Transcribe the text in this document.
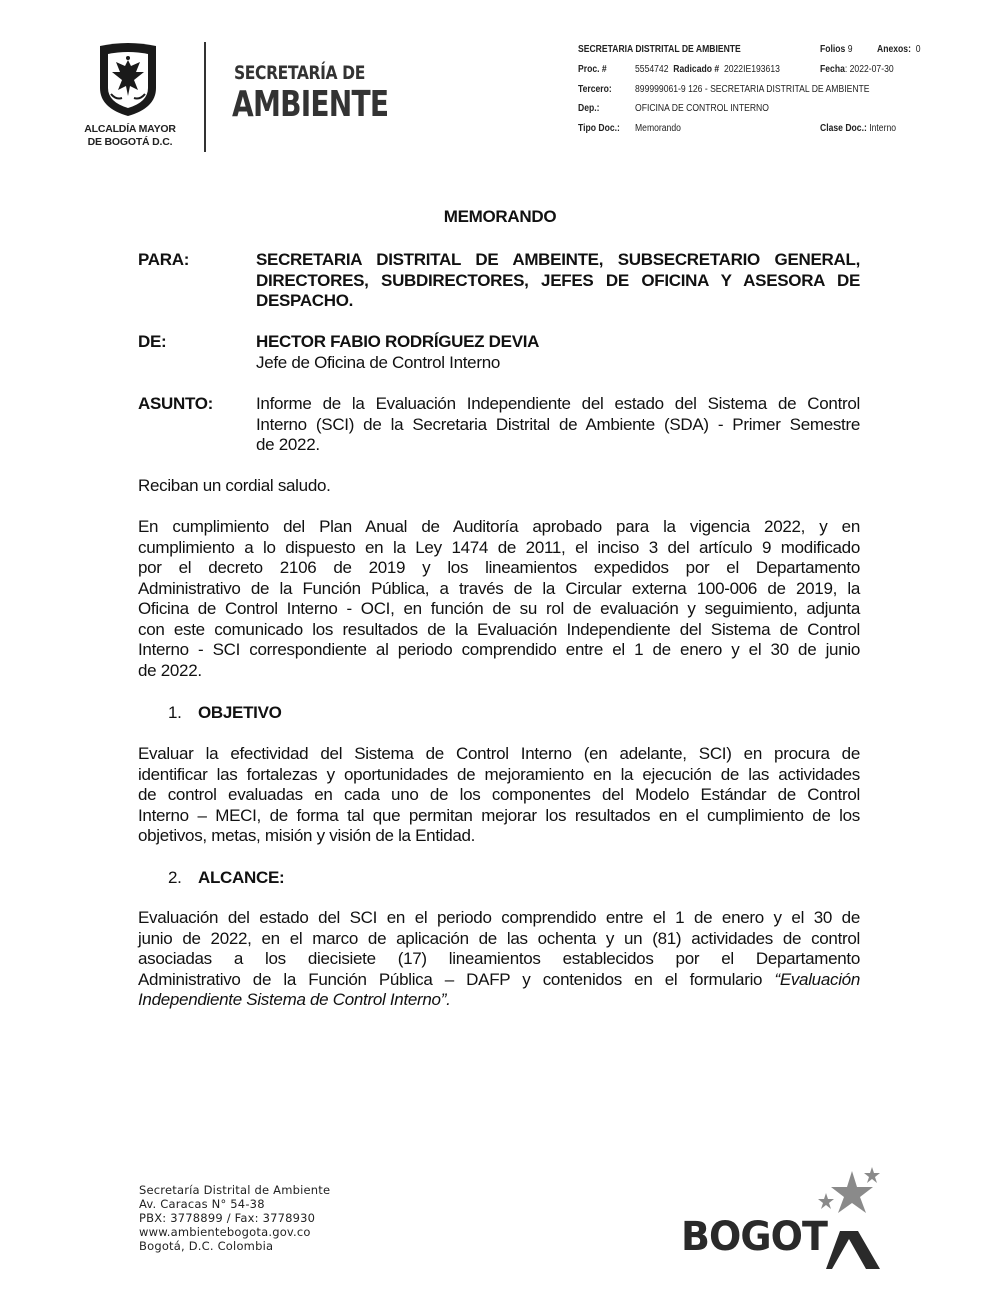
ALCALDÍA MAYOR
DE BOGOTÁ D.C.
SECRETARÍA DE
AMBIENTE
SECRETARIA DISTRITAL DE AMBIENTE	Folios 9 Anexos: 0
Proc. #	5554742 Radicado # 2022IE193613	Fecha: 2022-07-30
Tercero: 899999061-9 126 - SECRETARIA DISTRITAL DE AMBIENTE
Dep.:	OFICINA DE CONTROL INTERNO
Tipo Doc.: Memorando	Clase Doc.: Interno
MEMORANDO
PARA:	SECRETARIA DISTRITAL DE AMBEINTE, SUBSECRETARIO GENERAL,
DIRECTORES, SUBDIRECTORES, JEFES DE OFICINA Y ASESORA DE
DESPACHO.
DE:	HECTOR FABIO RODRÍGUEZ DEVIA
Jefe de Oficina de Control Interno
ASUNTO:	Informe de la Evaluación Independiente del estado del Sistema de Control
Interno (SCI) de la Secretaria Distrital de Ambiente (SDA) - Primer Semestre
de 2022.
Reciban un cordial saludo.
En cumplimiento del Plan Anual de Auditoría aprobado para la vigencia 2022, y en
cumplimiento a lo dispuesto en la Ley 1474 de 2011, el inciso 3 del artículo 9 modificado
por el decreto 2106 de 2019 y los lineamientos expedidos por el Departamento
Administrativo de la Función Pública, a través de la Circular externa 100-006 de 2019, la
Oficina de Control Interno - OCI, en función de su rol de evaluación y seguimiento, adjunta
con este comunicado los resultados de la Evaluación Independiente del Sistema de Control
Interno - SCI correspondiente al periodo comprendido entre el 1 de enero y el 30 de junio
de 2022.
1. OBJETIVO
Evaluar la efectividad del Sistema de Control Interno (en adelante, SCI) en procura de
identificar las fortalezas y oportunidades de mejoramiento en la ejecución de las actividades
de control evaluadas en cada uno de los componentes del Modelo Estándar de Control
Interno – MECI, de forma tal que permitan mejorar los resultados en el cumplimiento de los
objetivos, metas, misión y visión de la Entidad.
2. ALCANCE:
Evaluación del estado del SCI en el periodo comprendido entre el 1 de enero y el 30 de
junio de 2022, en el marco de aplicación de las ochenta y un (81) actividades de control
asociadas a los diecisiete (17) lineamientos establecidos por el Departamento
Administrativo de la Función Pública – DAFP y contenidos en el formulario “Evaluación
Independiente Sistema de Control Interno”.
Secretaría Distrital de Ambiente
Av. Caracas N° 54-38
PBX: 3778899 / Fax: 3778930
www.ambientebogota.gov.co
Bogotá, D.C. Colombia	BOGOT
